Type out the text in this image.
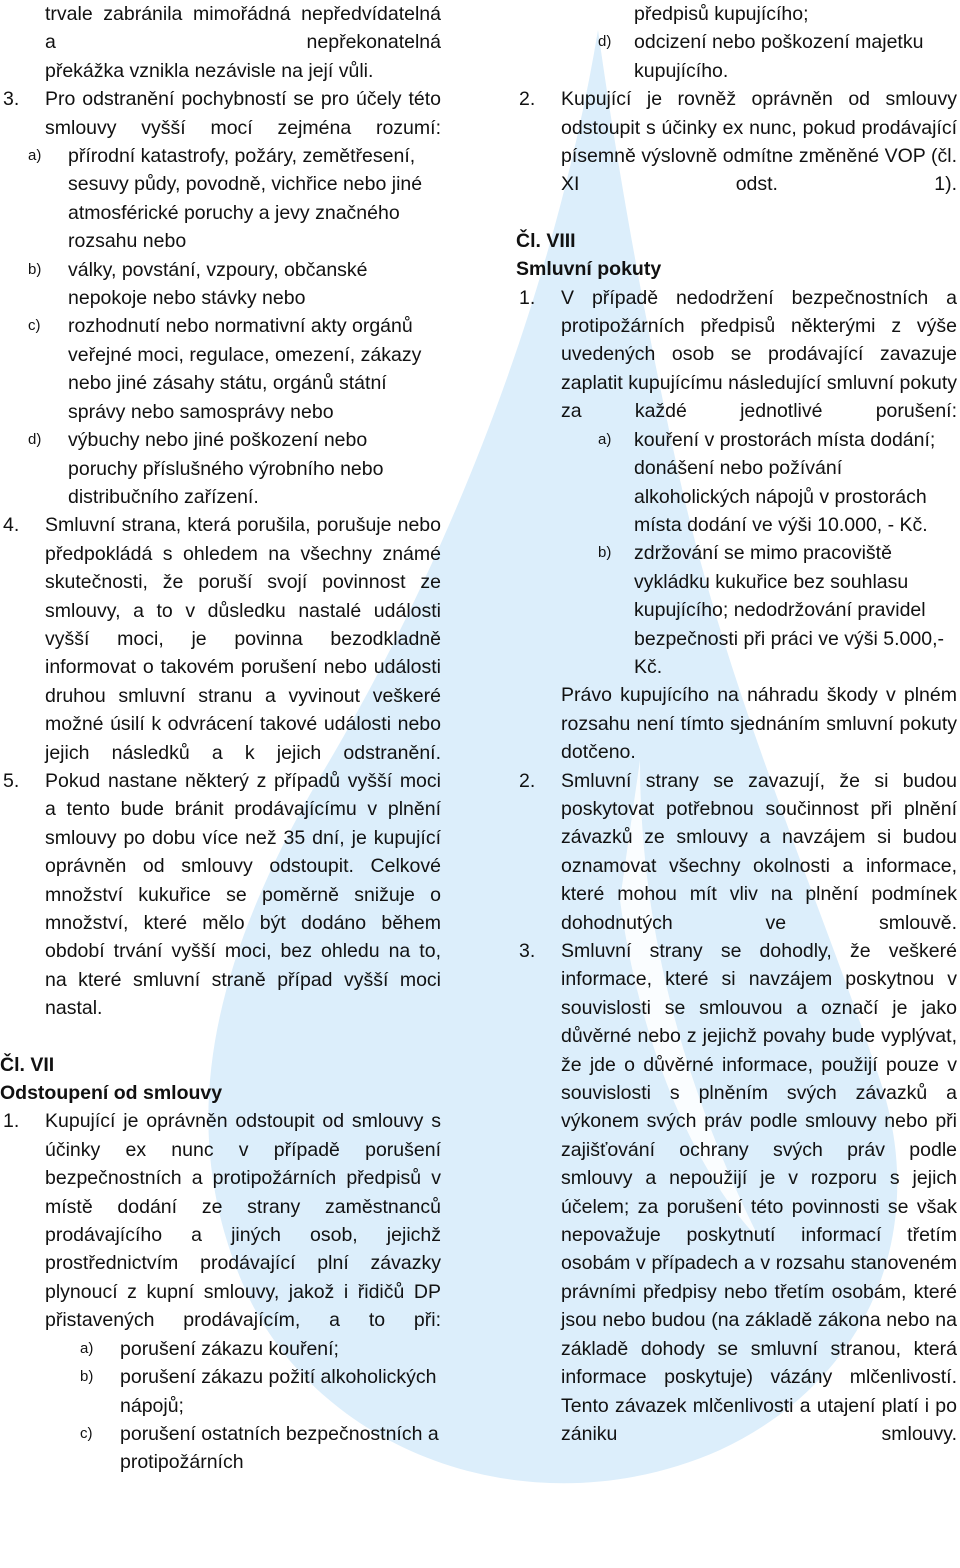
trvale zabránila mimořádná nepředvídatelná a nepřekonatelná

překážka vznikla nezávisle na její vůli.

3. Pro odstranění pochybností se pro účely této smlouvy vyšší mocí zejména rozumí:

a) přírodní katastrofy, požáry, zemětřesení, sesuvy půdy, povodně, vichřice nebo jiné atmosférické poruchy a jevy značného rozsahu nebo

b) války, povstání, vzpoury, občanské nepokoje nebo stávky nebo

c) rozhodnutí nebo normativní akty orgánů veřejné moci, regulace, omezení, zákazy nebo jiné zásahy státu, orgánů státní správy nebo samosprávy nebo

d) výbuchy nebo jiné poškození nebo poruchy příslušného výrobního nebo distribučního zařízení.

4. Smluvní strana, která porušila, porušuje nebo předpokládá s ohledem na všechny známé skutečnosti, že poruší svojí povinnost ze smlouvy, a to v důsledku nastalé události vyšší moci, je povinna bezodkladně informovat o takovém porušení nebo události druhou smluvní stranu a vyvinout veškeré možné úsilí k odvrácení takové události nebo jejich následků a k jejich odstranění.

5. Pokud nastane některý z případů vyšší moci a tento bude bránit prodávajícímu v plnění smlouvy po dobu více než 35 dní, je kupující oprávněn od smlouvy odstoupit. Celkové množství kukuřice se poměrně snižuje o množství, které mělo být dodáno během období trvání vyšší moci, bez ohledu na to, na které smluvní straně případ vyšší moci nastal.

Čl. VII

Odstoupení od smlouvy

1. Kupující je oprávněn odstoupit od smlouvy s účinky ex nunc v případě porušení bezpečnostních a protipožárních předpisů v místě dodání ze strany zaměstnanců prodávajícího a jiných osob, jejichž prostřednictvím prodávající plní závazky plynoucí z kupní smlouvy, jakož i řidičů DP přistavených prodávajícím, a to při:

a) porušení zákazu kouření;

b) porušení zákazu požití alkoholických nápojů;

c) porušení ostatních bezpečnostních a protipožárních

předpisů kupujícího;

d) odcizení nebo poškození majetku kupujícího.

2. Kupující je rovněž oprávněn od smlouvy odstoupit s účinky ex nunc, pokud prodávající písemně výslovně odmítne změněné VOP (čl. XI odst. 1).

Čl. VIII

Smluvní pokuty

1. V případě nedodržení bezpečnostních a protipožárních předpisů některými z výše uvedených osob se prodávající zavazuje zaplatit kupujícímu následující smluvní pokuty za každé jednotlivé porušení:

a) kouření v prostorách místa dodání; donášení nebo požívání alkoholických nápojů v prostorách místa dodání ve výši 10.000, - Kč.

b) zdržování se mimo pracoviště vykládku kukuřice bez souhlasu kupujícího; nedodržování pravidel bezpečnosti při práci ve výši 5.000,- Kč.

Právo kupujícího na náhradu škody v plném rozsahu není tímto sjednáním smluvní pokuty dotčeno.

2. Smluvní strany se zavazují, že si budou poskytovat potřebnou součinnost při plnění závazků ze smlouvy a navzájem si budou oznamovat všechny okolnosti a informace, které mohou mít vliv na plnění podmínek dohodnutých ve smlouvě.

3. Smluvní strany se dohodly, že veškeré informace, které si navzájem poskytnou v souvislosti se smlouvou a označí je jako důvěrné nebo z jejichž povahy bude vyplývat, že jde o důvěrné informace, použijí pouze v souvislosti s plněním svých závazků a výkonem svých práv podle smlouvy nebo při zajišťování ochrany svých práv podle smlouvy a nepoužijí je v rozporu s jejich účelem; za porušení této povinnosti se však nepovažuje poskytnutí informací třetím osobám v případech a v rozsahu stanoveném právními předpisy nebo třetím osobám, které jsou nebo budou (na základě zákona nebo na základě dohody se smluvní stranou, která informace poskytuje) vázány mlčenlivostí. Tento závazek mlčenlivosti a utajení platí i po zániku smlouvy.
